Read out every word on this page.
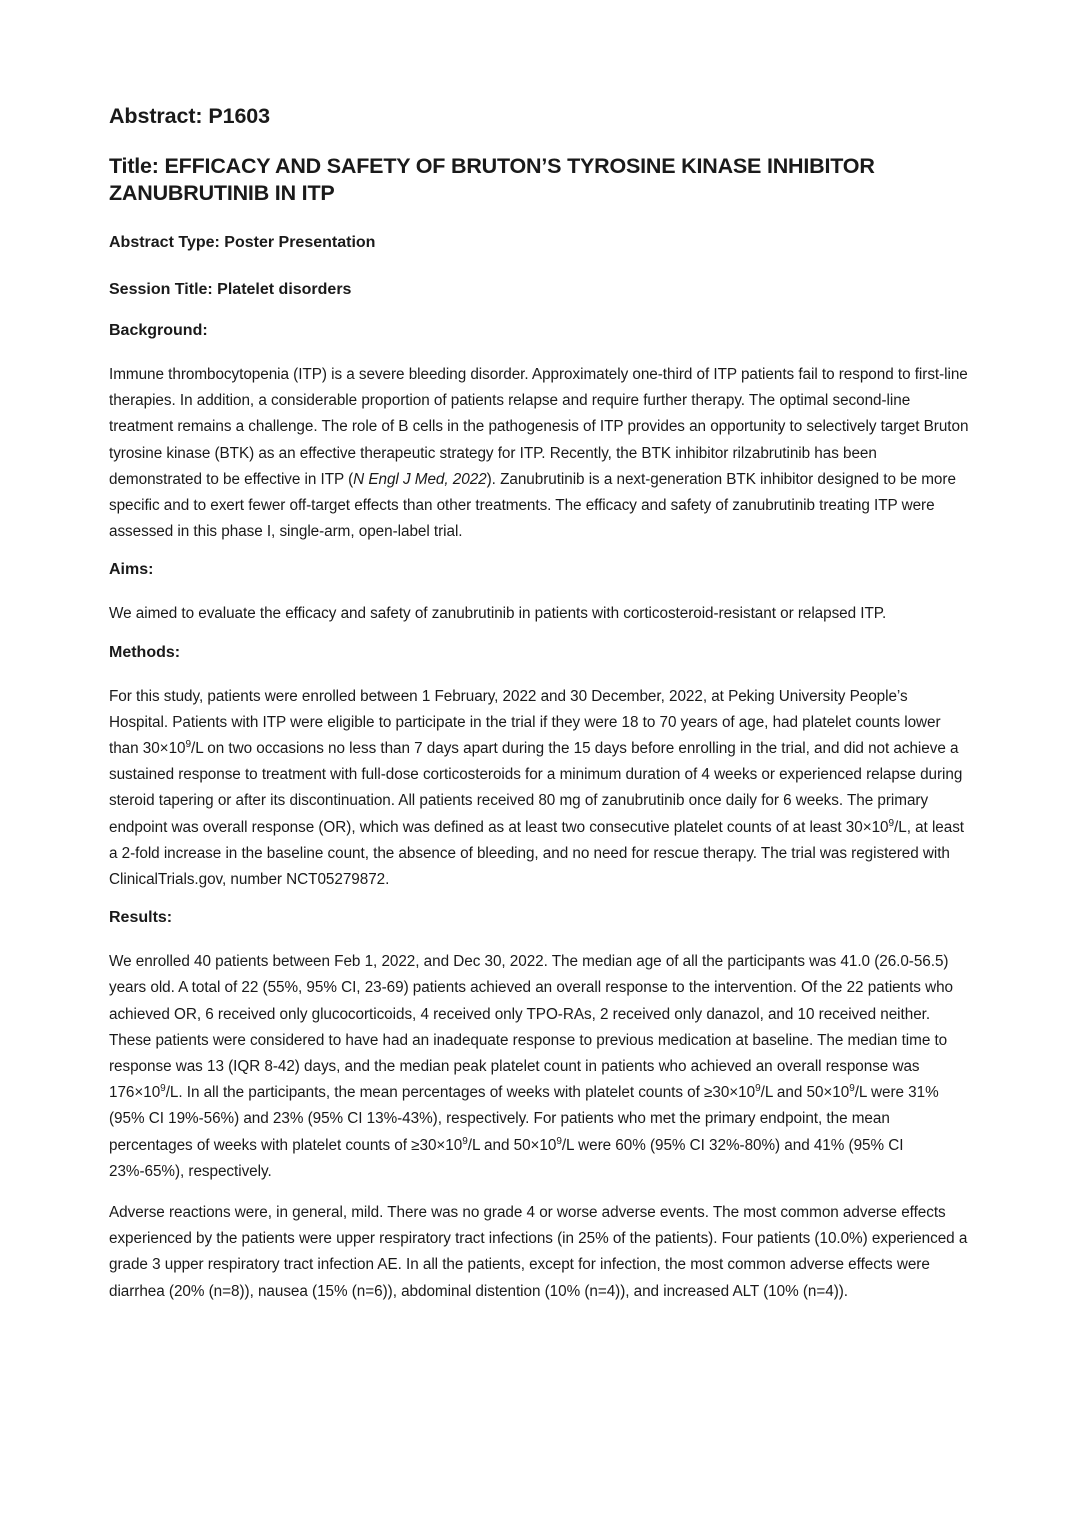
Abstract: P1603
Title: EFFICACY AND SAFETY OF BRUTON’S TYROSINE KINASE INHIBITOR ZANUBRUTINIB IN ITP

Abstract Type: Poster Presentation

Session Title: Platelet disorders

Background:

Immune thrombocytopenia (ITP) is a severe bleeding disorder. Approximately one-third of ITP patients fail to respond to first-line therapies. In addition, a considerable proportion of patients relapse and require further therapy. The optimal second-line treatment remains a challenge. The role of B cells in the pathogenesis of ITP provides an opportunity to selectively target Bruton tyrosine kinase (BTK) as an effective therapeutic strategy for ITP. Recently, the BTK inhibitor rilzabrutinib has been demonstrated to be effective in ITP (N Engl J Med, 2022). Zanubrutinib is a next-generation BTK inhibitor designed to be more specific and to exert fewer off-target effects than other treatments. The efficacy and safety of zanubrutinib treating ITP were assessed in this phase I, single-arm, open-label trial.

Aims:

We aimed to evaluate the efficacy and safety of zanubrutinib in patients with corticosteroid-resistant or relapsed ITP.

Methods:

For this study, patients were enrolled between 1 February, 2022 and 30 December, 2022, at Peking University People’s Hospital. Patients with ITP were eligible to participate in the trial if they were 18 to 70 years of age, had platelet counts lower than $30\times 10^9/L$ on two occasions no less than 7 days apart during the 15 days before enrolling in the trial, and did not achieve a sustained response to treatment with full-dose corticosteroids for a minimum duration of 4 weeks or experienced relapse during steroid tapering or after its discontinuation. All patients received 80 mg of zanubrutinib once daily for 6 weeks. The primary endpoint was overall response (OR), which was defined as at least two consecutive platelet counts of at least $30\times 10^9/L$, at least a 2-fold increase in the baseline count, the absence of bleeding, and no need for rescue therapy. The trial was registered with ClinicalTrials.gov, number NCT05279872.

Results:

We enrolled 40 patients between Feb 1, 2022, and Dec 30, 2022. The median age of all the participants was 41.0 (26.0-56.5) years old. A total of 22 (55%, 95% CI, 23-69) patients achieved an overall response to the intervention. Of the 22 patients who achieved OR, 6 received only glucocorticoids, 4 received only TPO-RAs, 2 received only danazol, and 10 received neither. These patients were considered to have had an inadequate response to previous medication at baseline. The median time to response was 13 (IQR 8-42) days, and the median peak platelet count in patients who achieved an overall response was $176\times 10^9/L$. In all the participants, the mean percentages of weeks with platelet counts of $\ge 30\times 10^9/L$ and $50\times 10^9/L$ were 31% (95% CI 19%-56%) and 23% (95% CI 13%-43%), respectively. For patients who met the primary endpoint, the mean percentages of weeks with platelet counts of $\ge 30\times 10^9/L$ and $50\times 10^9/L$ were 60% (95% CI 32%-80%) and 41% (95% CI 23%-65%), respectively.

Adverse reactions were, in general, mild. There was no grade 4 or worse adverse events. The most common adverse effects experienced by the patients were upper respiratory tract infections (in 25% of the patients). Four patients (10.0%) experienced a grade 3 upper respiratory tract infection AE. In all the patients, except for infection, the most common adverse effects were diarrhea (20% (n=8)), nausea (15% (n=6)), abdominal distention (10% (n=4)), and increased ALT (10% (n=4)).
